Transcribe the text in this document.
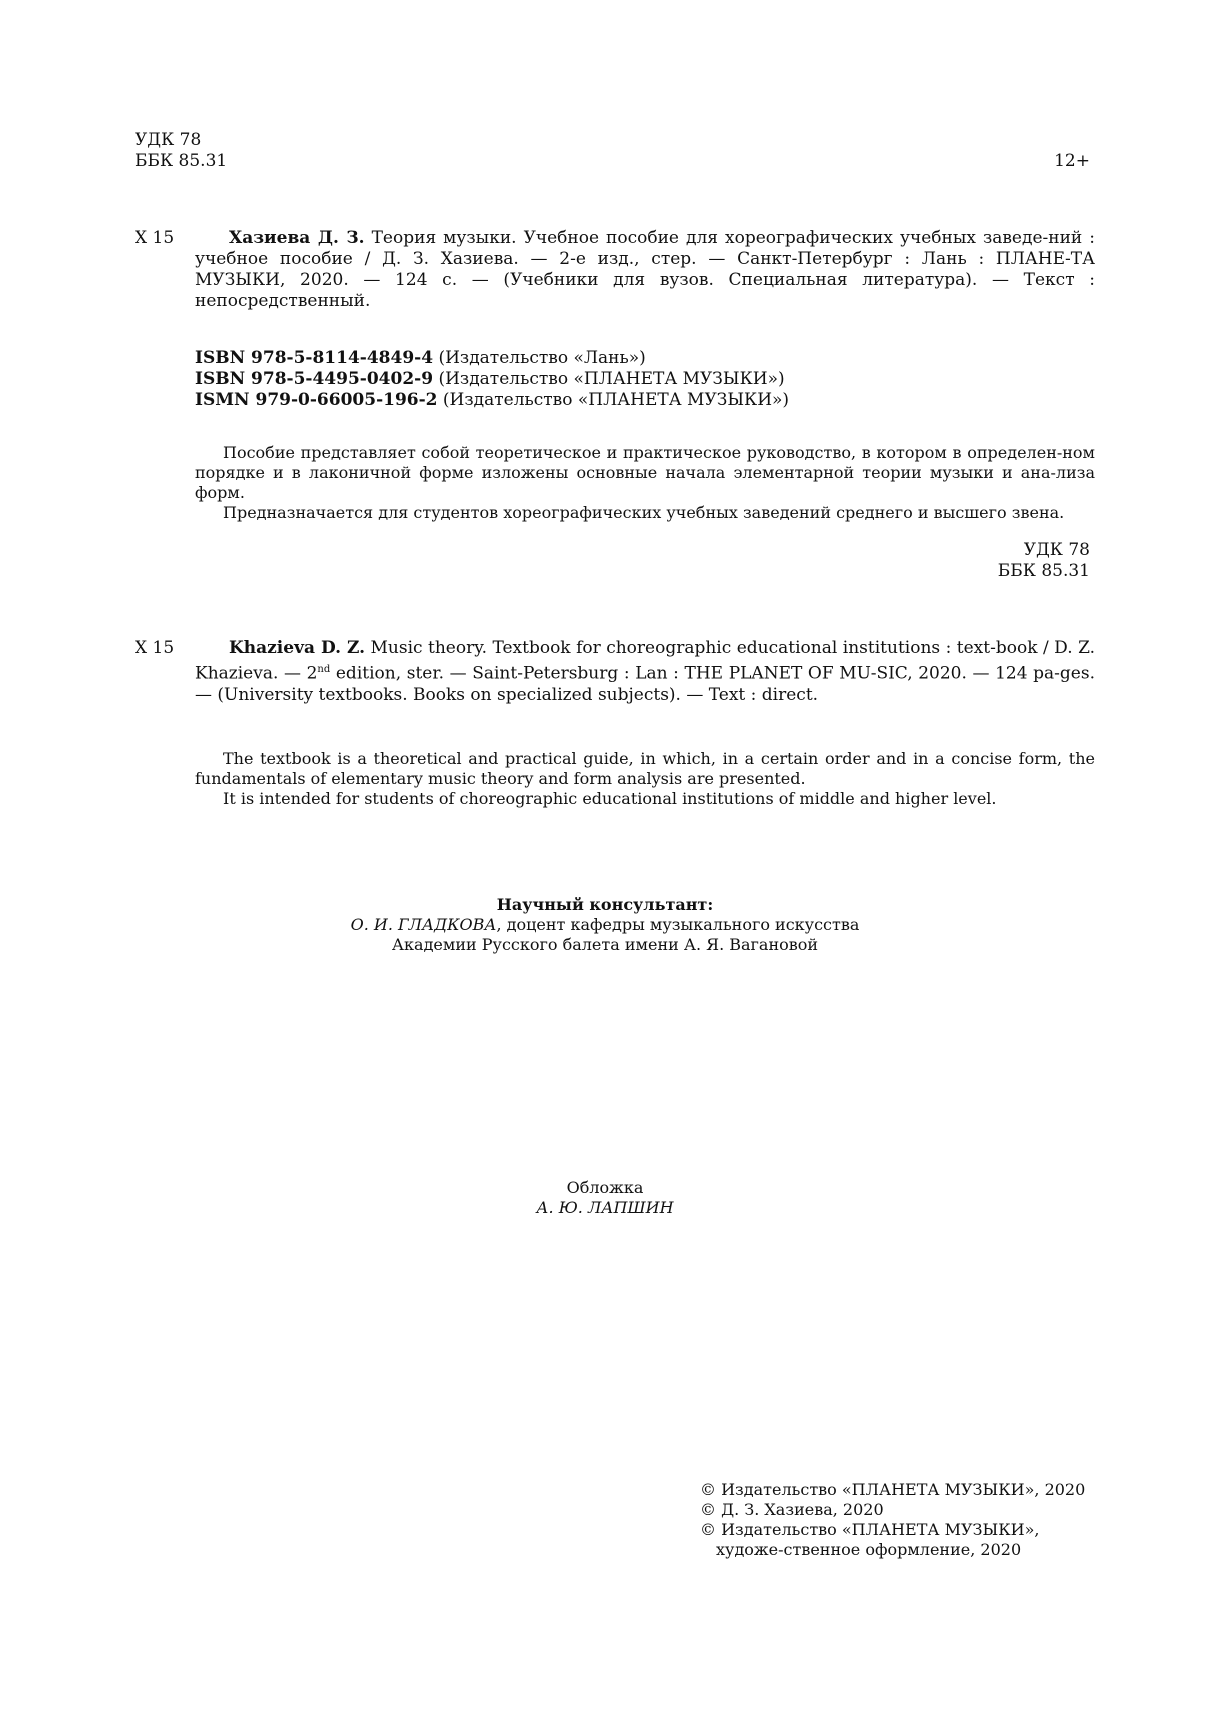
УДК 78
ББК 85.31	12+
Х 15	Хазиева Д. З. Теория музыки. Учебное пособие для хореографических учебных заведе-ний : учебное пособие / Д. З. Хазиева. — 2-е изд., стер. — Санкт-Петербург : Лань : ПЛАНЕ-ТА МУЗЫКИ, 2020. — 124 с. — (Учебники для вузов. Специальная литература). — Текст : непосредственный.
ISBN 978-5-8114-4849-4 (Издательство «Лань»)
ISBN 978-5-4495-0402-9 (Издательство «ПЛАНЕТА МУЗЫКИ»)
ISMN 979-0-66005-196-2 (Издательство «ПЛАНЕТА МУЗЫКИ»)
Пособие представляет собой теоретическое и практическое руководство, в котором в определен-ном порядке и в лаконичной форме изложены основные начала элементарной теории музыки и ана-лиза форм.
Предназначается для студентов хореографических учебных заведений среднего и высшего звена.
УДК 78
ББК 85.31
Х 15	Khazieva D. Z. Music theory. Textbook for choreographic educational institutions : text-book / D. Z. Khazieva. — 2nd edition, ster. — Saint-Petersburg : Lan : THE PLANET OF MU-SIC, 2020. — 124 pa-ges. — (University textbooks. Books on specialized subjects). — Text : direct.
The textbook is a theoretical and practical guide, in which, in a certain order and in a concise form, the fundamentals of elementary music theory and form analysis are presented.
It is intended for students of choreographic educational institutions of middle and higher level.
Научный консультант:
О. И. ГЛАДКОВА, доцент кафедры музыкального искусства
Академии Русского балета имени А. Я. Вагановой
Обложка
А. Ю. ЛАПШИН
© Издательство «ПЛАНЕТА МУЗЫКИ», 2020
© Д. З. Хазиева, 2020
© Издательство «ПЛАНЕТА МУЗЫКИ», художе-ственное оформление, 2020
